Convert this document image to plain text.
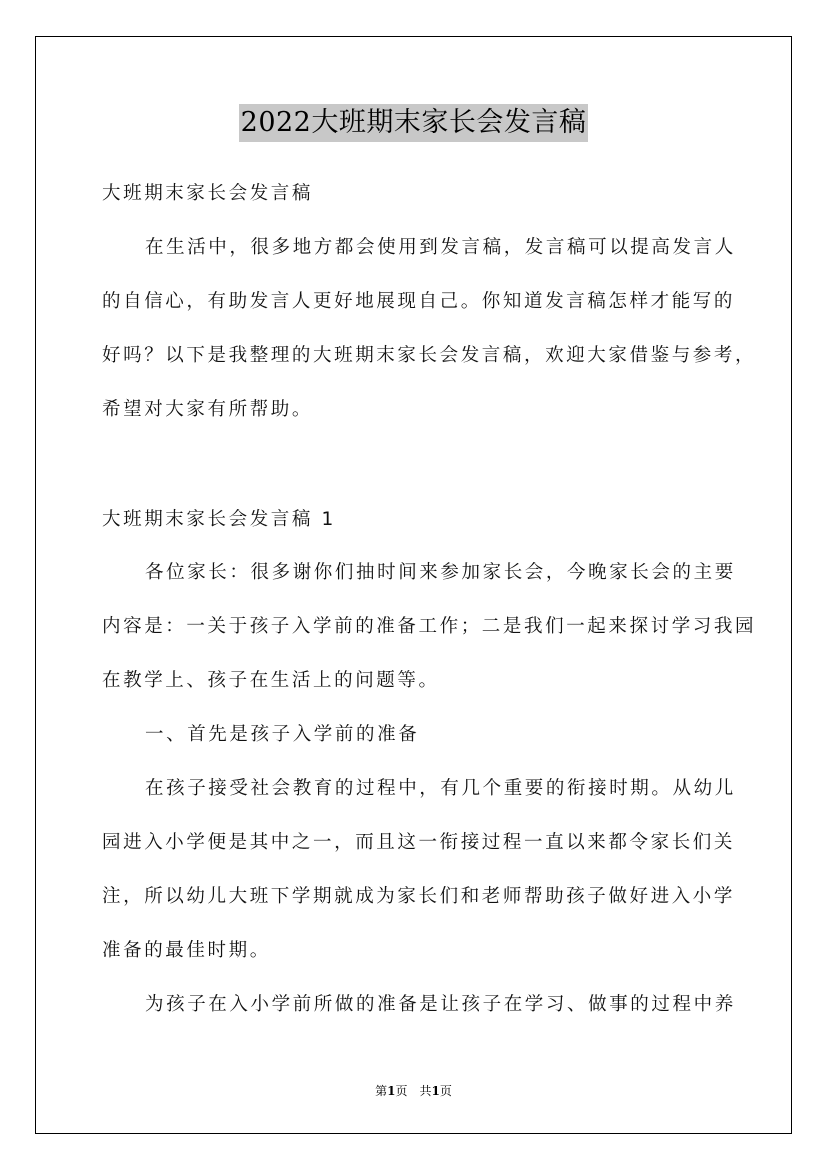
2022大班期末家长会发言稿
大班期末家长会发言稿
在生活中，很多地方都会使用到发言稿，发言稿可以提高发言人
的自信心，有助发言人更好地展现自己。你知道发言稿怎样才能写的
好吗？以下是我整理的大班期末家长会发言稿，欢迎大家借鉴与参考，
希望对大家有所帮助。
大班期末家长会发言稿 1
各位家长：很多谢你们抽时间来参加家长会，今晚家长会的主要
内容是：一关于孩子入学前的准备工作；二是我们一起来探讨学习我园
在教学上、孩子在生活上的问题等。
一、首先是孩子入学前的准备
在孩子接受社会教育的过程中，有几个重要的衔接时期。从幼儿
园进入小学便是其中之一，而且这一衔接过程一直以来都令家长们关
注，所以幼儿大班下学期就成为家长们和老师帮助孩子做好进入小学
准备的最佳时期。
为孩子在入小学前所做的准备是让孩子在学习、做事的过程中养
第1页　共1页
